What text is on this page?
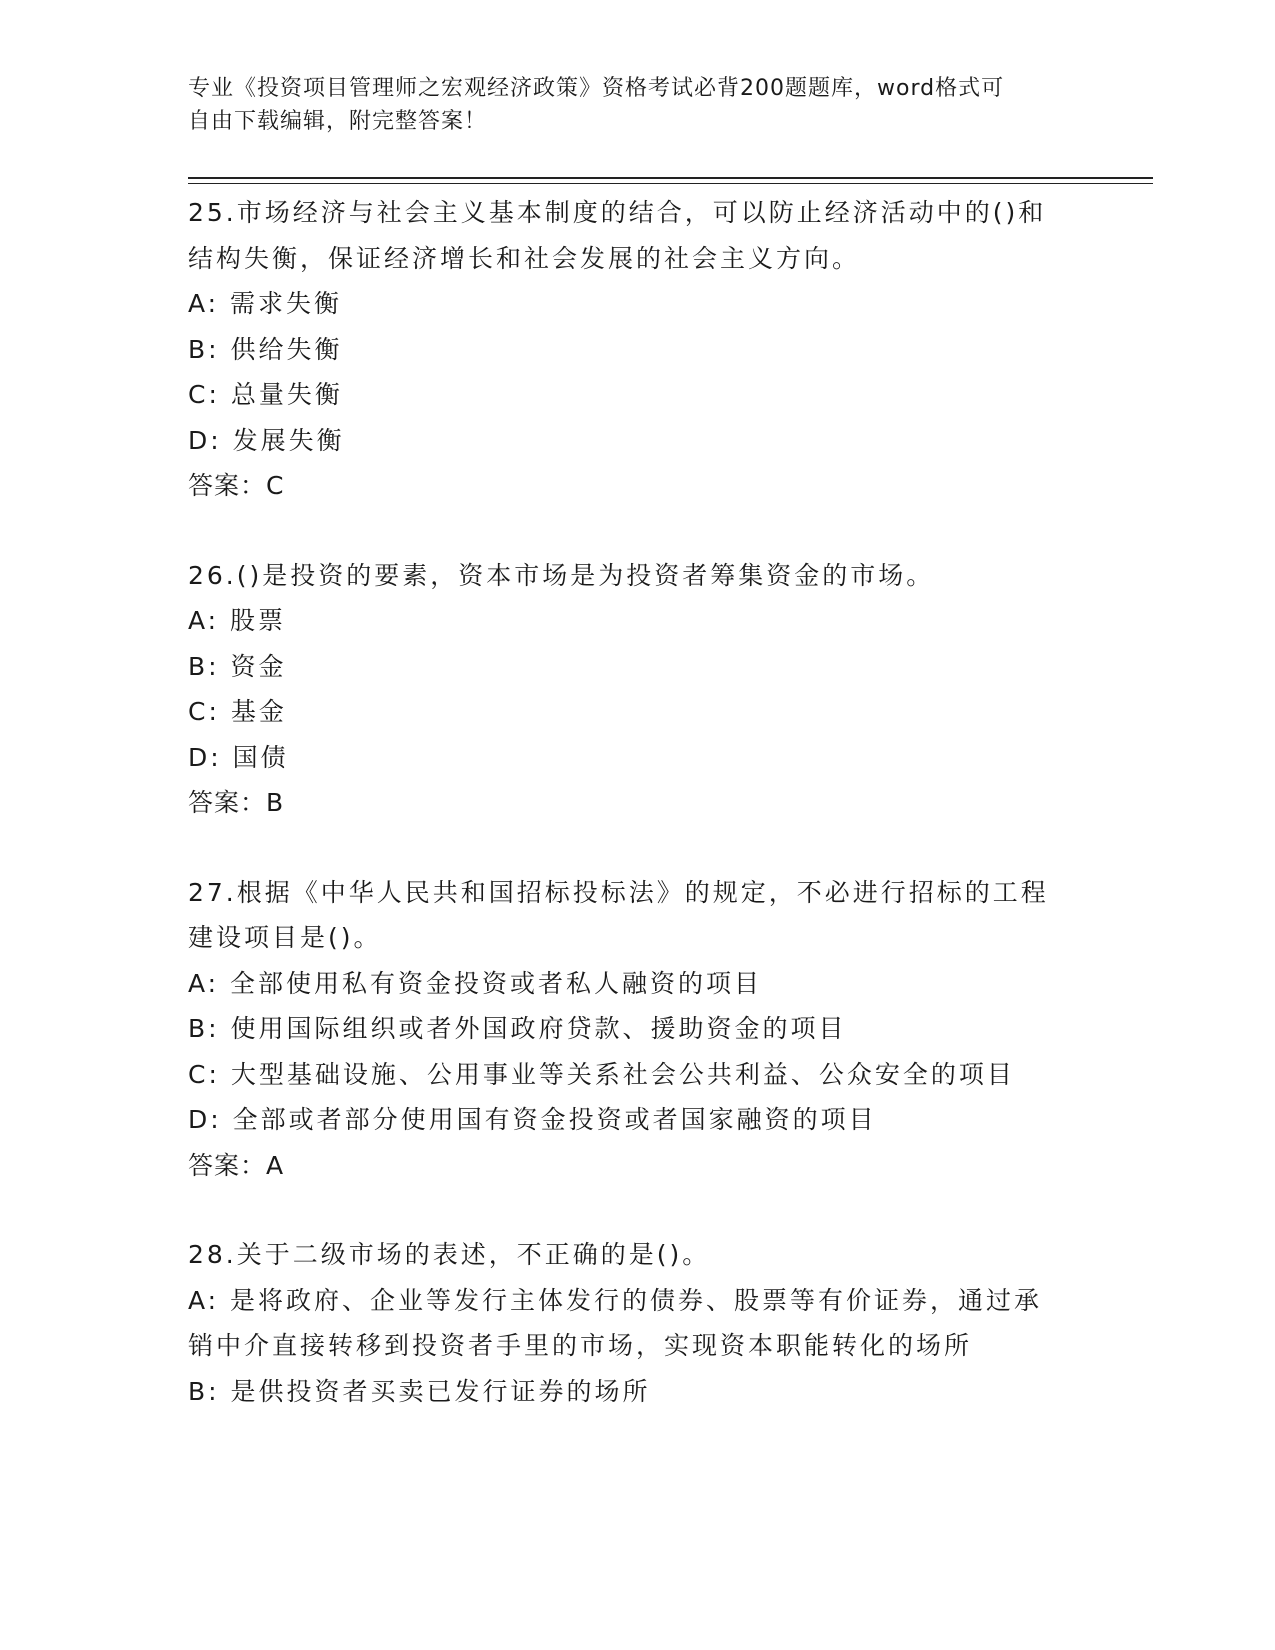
专业《投资项目管理师之宏观经济政策》资格考试必背200题题库，word格式可
自由下载编辑，附完整答案！

25.市场经济与社会主义基本制度的结合，可以防止经济活动中的()和

结构失衡，保证经济增长和社会发展的社会主义方向。

A: 需求失衡

B: 供给失衡

C: 总量失衡

D: 发展失衡

答案：C

26.()是投资的要素，资本市场是为投资者筹集资金的市场。

A: 股票

B: 资金

C: 基金

D: 国债

答案：B

27.根据《中华人民共和国招标投标法》的规定，不必进行招标的工程

建设项目是()。

A: 全部使用私有资金投资或者私人融资的项目

B: 使用国际组织或者外国政府贷款、援助资金的项目

C: 大型基础设施、公用事业等关系社会公共利益、公众安全的项目

D: 全部或者部分使用国有资金投资或者国家融资的项目

答案：A

28.关于二级市场的表述，不正确的是()。

A: 是将政府、企业等发行主体发行的债券、股票等有价证券，通过承

销中介直接转移到投资者手里的市场，实现资本职能转化的场所

B: 是供投资者买卖已发行证券的场所
